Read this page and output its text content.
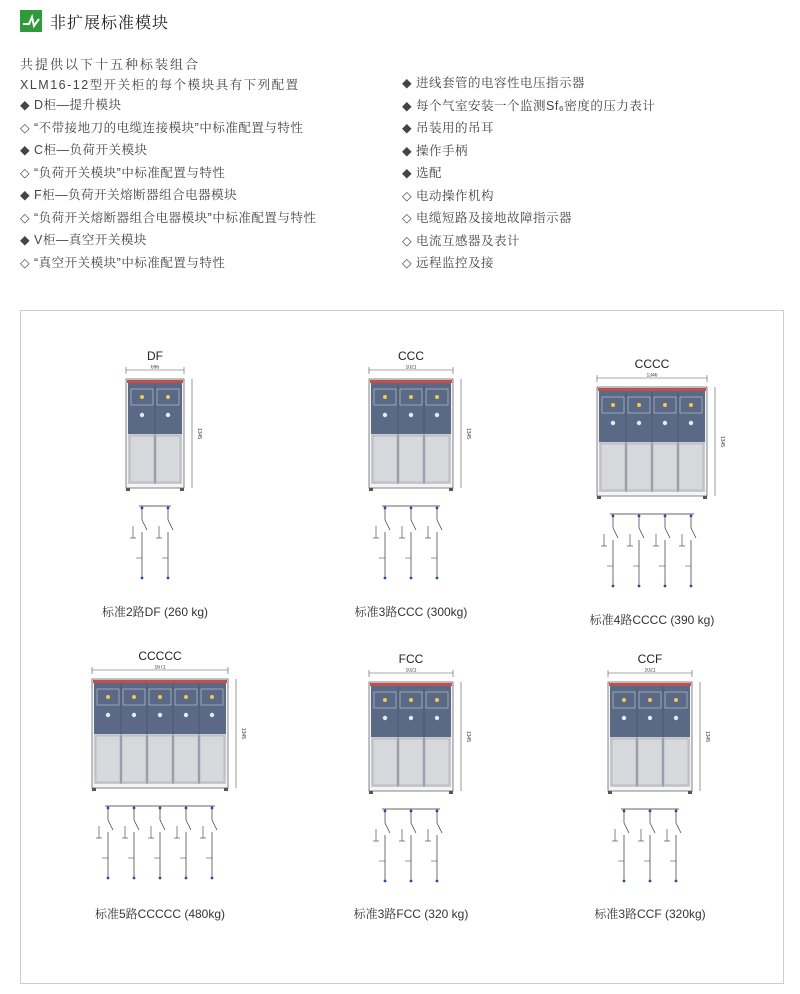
非扩展标准模块
共提供以下十五种标装组合
XLM16-12型开关柜的每个模块具有下列配置
◆ D柜—提升模块
◇ “不带接地刀的电缆连接模块”中标准配置与特性
◆ C柜—负荷开关模块
◇ “负荷开关模块”中标准配置与特性
◆ F柜—负荷开关熔断器组合电器模块
◇ “负荷开关熔断器组合电器模块”中标准配置与特性
◆ V柜—真空开关模块
◇ “真空开关模块”中标准配置与特性
◆ 进线套管的电容性电压指示器
◆ 每个气室安装一个监测Sf₆密度的压力表计
◆ 吊装用的吊耳
◆ 操作手柄
◆ 选配
◇ 电动操作机构
◇ 电缆短路及接地故障指示器
◇ 电流互感器及表计
◇ 远程监控及接
DF
696
1345
标准2路DF (260 kg)
CCC
1021
1345
标准3路CCC (300kg)
CCCC
1346
1345
标准4路CCCC (390 kg)
CCCCC
1671
1345
标准5路CCCCC (480kg)
FCC
1021
1345
标准3路FCC (320 kg)
CCF
1021
1345
标准3路CCF (320kg)
